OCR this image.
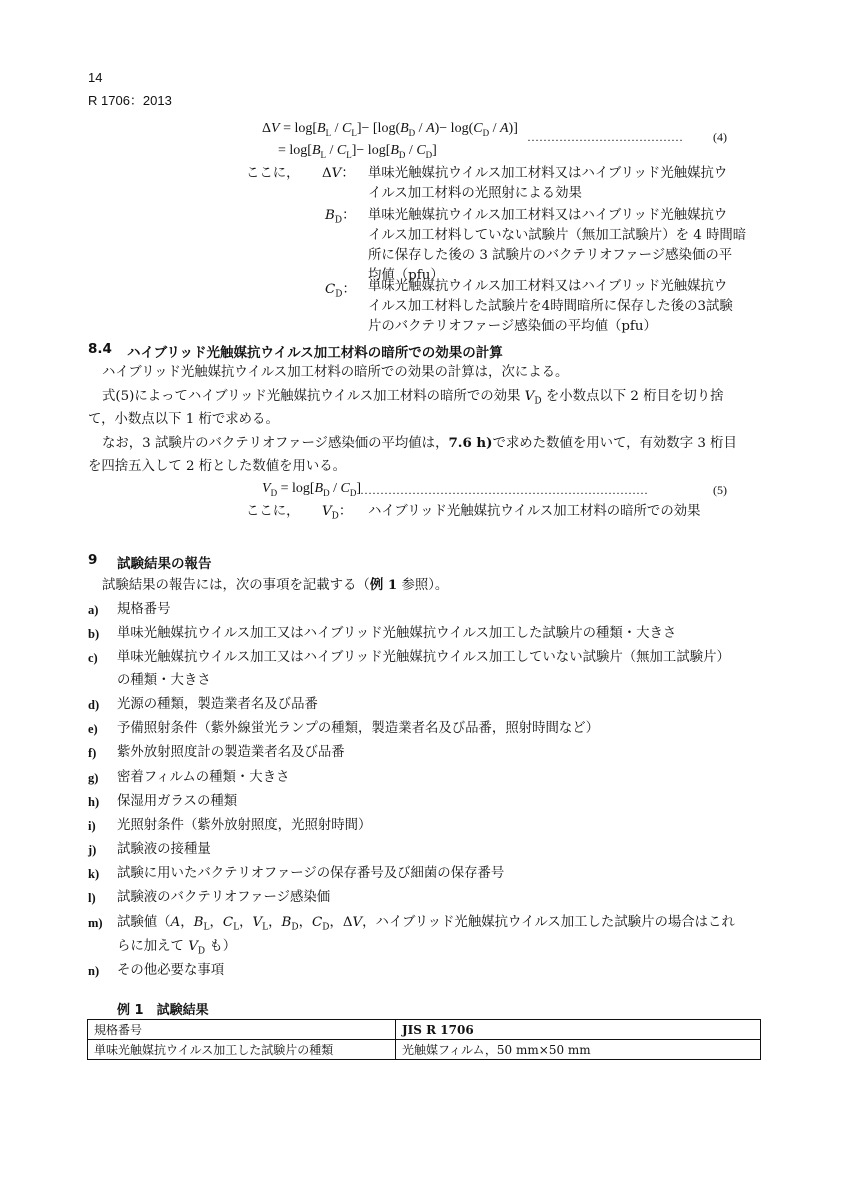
14
R 1706：2013
$\Delta V = \log[B_L / C_L]- [\log(B_D / A)- \log(C_D / A)]$
…………………………………	(4)
= $\log[B_L / C_L]- \log[B_D / C_D]$
ここに， ΔV： 単味光触媒抗ウイルス加工材料又はハイブリッド光触媒抗ウ
イルス加工材料の光照射による効果
$B_D$： 単味光触媒抗ウイルス加工材料又はハイブリッド光触媒抗ウ
イルス加工材料していない試験片（無加工試験片）を 4 時間暗
所に保存した後の 3 試験片のバクテリオファージ感染価の平
均値（pfu）
$C_D$： 単味光触媒抗ウイルス加工材料又はハイブリッド光触媒抗ウ
イルス加工材料した試験片を4時間暗所に保存した後の3試験
片のバクテリオファージ感染価の平均値（pfu）
8.4 ハイブリッド光触媒抗ウイルス加工材料の暗所での効果の計算
ハイブリッド光触媒抗ウイルス加工材料の暗所での効果の計算は，次による。
式(5)によってハイブリッド光触媒抗ウイルス加工材料の暗所での効果 $V_D$ を小数点以下 2 桁目を切り捨
て，小数点以下 1 桁で求める。
なお，3 試験片のバクテリオファージ感染価の平均値は，7.6 h)で求めた数値を用いて，有効数字 3 桁目
を四捨五入して 2 桁とした数値を用いる。
$V_D = \log[B_D / C_D]$ ………………………………………………………………	(5)
ここに， $V_D$： ハイブリッド光触媒抗ウイルス加工材料の暗所での効果
9 試験結果の報告
試験結果の報告には，次の事項を記載する（例 1 参照）。
a) 規格番号
b) 単味光触媒抗ウイルス加工又はハイブリッド光触媒抗ウイルス加工した試験片の種類・大きさ
c) 単味光触媒抗ウイルス加工又はハイブリッド光触媒抗ウイルス加工していない試験片（無加工試験片）
の種類・大きさ
d) 光源の種類，製造業者名及び品番
e) 予備照射条件（紫外線蛍光ランプの種類，製造業者名及び品番，照射時間など）
f) 紫外放射照度計の製造業者名及び品番
g) 密着フィルムの種類・大きさ
h) 保湿用ガラスの種類
i) 光照射条件（紫外放射照度，光照射時間）
j) 試験液の接種量
k) 試験に用いたバクテリオファージの保存番号及び細菌の保存番号
l) 試験液のバクテリオファージ感染価
m) 試験値（A，$B_L$，$C_L$，$V_L$，$B_D$，$C_D$，ΔV，ハイブリッド光触媒抗ウイルス加工した試験片の場合はこれ
らに加えて $V_D$ も）
n) その他必要な事項
例 1　試験結果
規格番号	JIS R 1706
単味光触媒抗ウイルス加工した試験片の種類	光触媒フィルム，50 mm×50 mm
